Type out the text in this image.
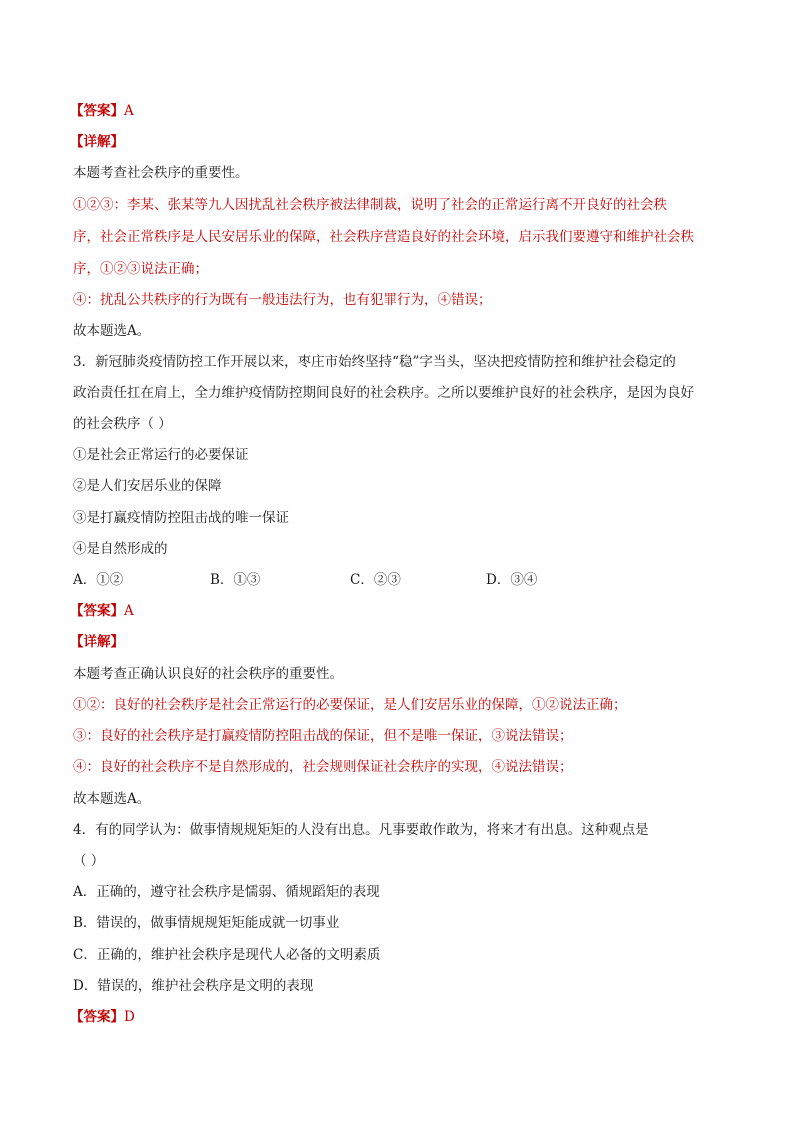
【答案】A
【详解】
本题考查社会秩序的重要性。
①②③：李某、张某等九人因扰乱社会秩序被法律制裁，说明了社会的正常运行离不开良好的社会秩
序，社会正常秩序是人民安居乐业的保障，社会秩序营造良好的社会环境，启示我们要遵守和维护社会秩
序，①②③说法正确；
④：扰乱公共秩序的行为既有一般违法行为，也有犯罪行为，④错误；
故本题选A。
3．新冠肺炎疫情防控工作开展以来，枣庄市始终坚持“稳”字当头，坚决把疫情防控和维护社会稳定的
政治责任扛在肩上，全力维护疫情防控期间良好的社会秩序。之所以要维护良好的社会秩序，是因为良好
的社会秩序（ ）
①是社会正常运行的必要保证
②是人们安居乐业的保障
③是打赢疫情防控阻击战的唯一保证
④是自然形成的
A．①②	B．①③	C．②③	D．③④
【答案】A
【详解】
本题考查正确认识良好的社会秩序的重要性。
①②：良好的社会秩序是社会正常运行的必要保证，是人们安居乐业的保障，①②说法正确；
③：良好的社会秩序是打赢疫情防控阻击战的保证，但不是唯一保证，③说法错误；
④：良好的社会秩序不是自然形成的，社会规则保证社会秩序的实现，④说法错误；
故本题选A。
4．有的同学认为：做事情规规矩矩的人没有出息。凡事要敢作敢为，将来才有出息。这种观点是
（ ）
A．正确的，遵守社会秩序是懦弱、循规蹈矩的表现
B．错误的，做事情规规矩矩能成就一切事业
C．正确的，维护社会秩序是现代人必备的文明素质
D．错误的，维护社会秩序是文明的表现
【答案】D
